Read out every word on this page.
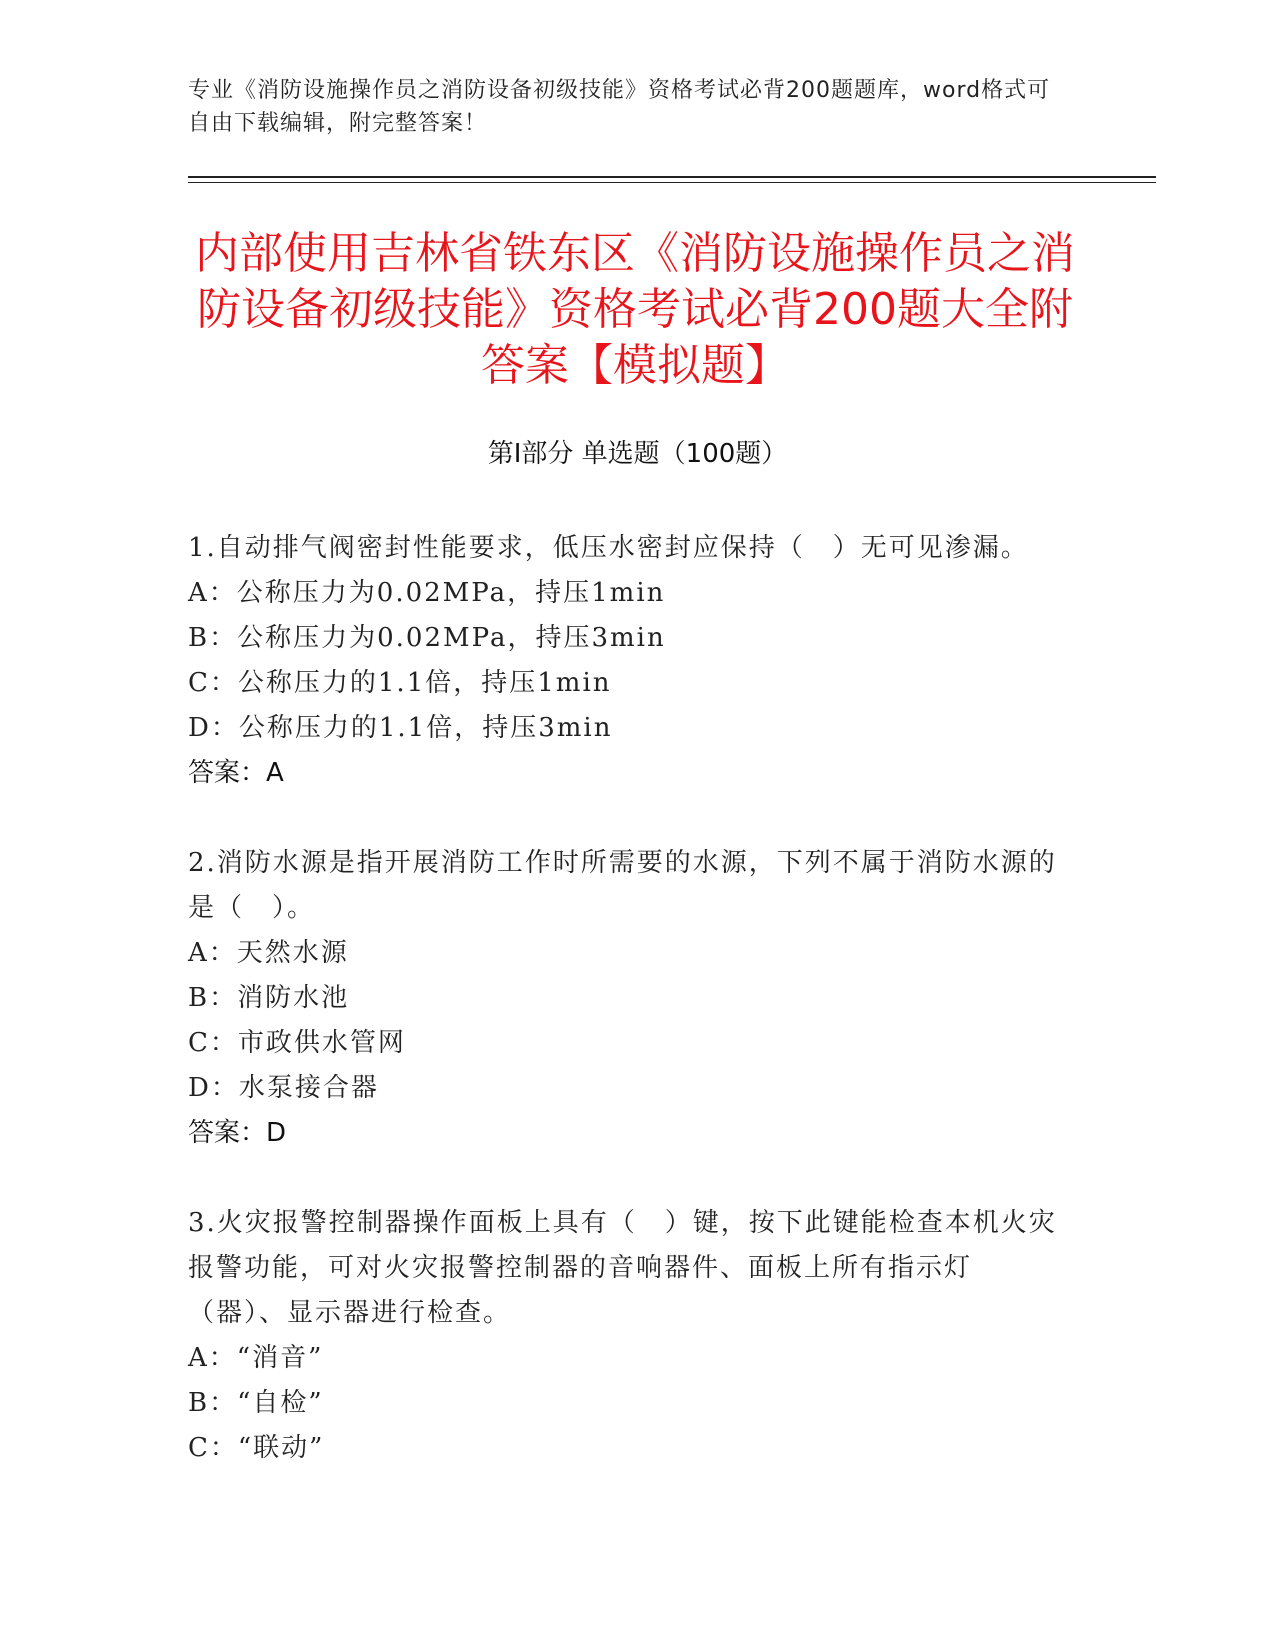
专业《消防设施操作员之消防设备初级技能》资格考试必背200题题库，word格式可自由下载编辑，附完整答案！
内部使用吉林省铁东区《消防设施操作员之消防设备初级技能》资格考试必背200题大全附答案【模拟题】
第Ⅰ部分 单选题（100题）

1.自动排气阀密封性能要求，低压水密封应保持（　）无可见渗漏。

A：公称压力为0.02MPa，持压1min

B：公称压力为0.02MPa，持压3min

C：公称压力的1.1倍，持压1min

D：公称压力的1.1倍，持压3min

答案：A

2.消防水源是指开展消防工作时所需要的水源，下列不属于消防水源的是（　）。

A：天然水源

B：消防水池

C：市政供水管网

D：水泵接合器

答案：D

3.火灾报警控制器操作面板上具有（　）键，按下此键能检查本机火灾报警功能，可对火灾报警控制器的音响器件、面板上所有指示灯（器）、显示器进行检查。

A：“消音”

B：“自检”

C：“联动”
